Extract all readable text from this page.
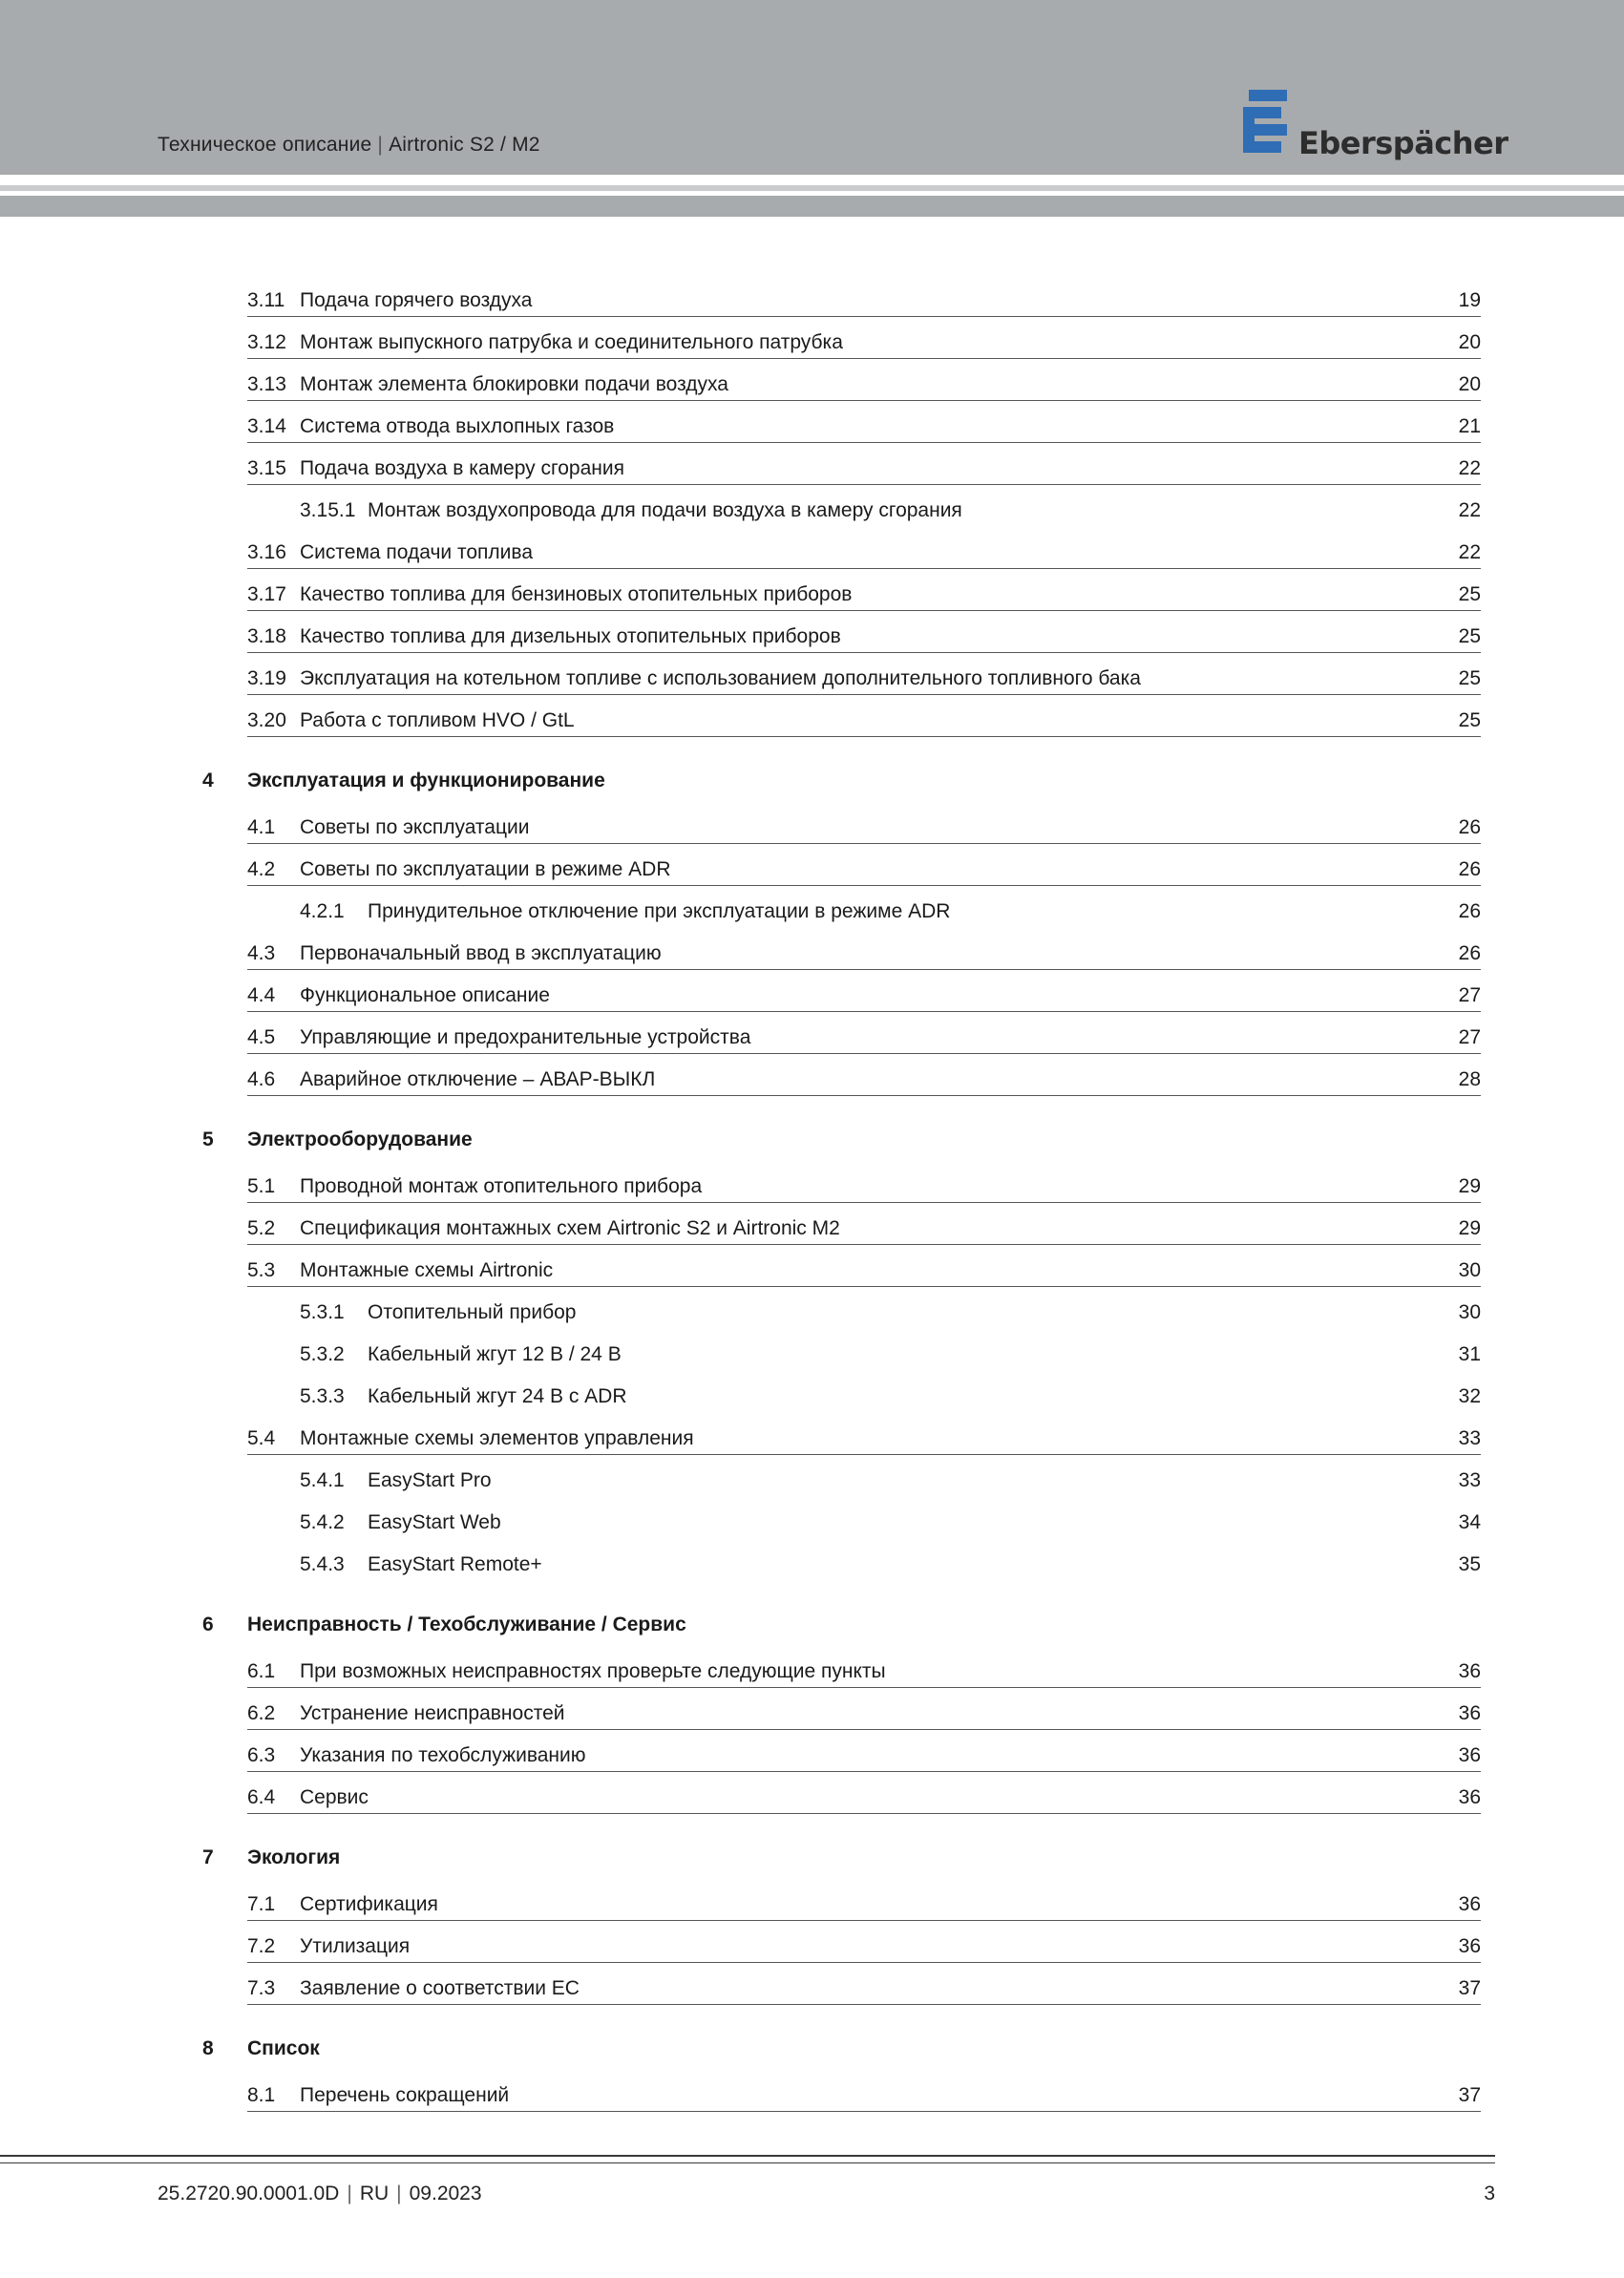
Техническое описание | Airtronic S2 / M2	Eberspächer
3.11 Подача горячего воздуха	19
3.12 Монтаж выпускного патрубка и соединительного патрубка	20
3.13 Монтаж элемента блокировки подачи воздуха	20
3.14 Система отвода выхлопных газов	21
3.15 Подача воздуха в камеру сгорания	22
3.15.1 Монтаж воздухопровода для подачи воздуха в камеру сгорания	22
3.16 Система подачи топлива	22
3.17 Качество топлива для бензиновых отопительных приборов	25
3.18 Качество топлива для дизельных отопительных приборов	25
3.19 Эксплуатация на котельном топливе с использованием дополнительного топливного бака	25
3.20 Работа с топливом HVO / GtL	25
4 Эксплуатация и функционирование
4.1 Советы по эксплуатации	26
4.2 Советы по эксплуатации в режиме ADR	26
4.2.1 Принудительное отключение при эксплуатации в режиме ADR	26
4.3 Первоначальный ввод в эксплуатацию	26
4.4 Функциональное описание	27
4.5 Управляющие и предохранительные устройства	27
4.6 Аварийное отключение – АВАР-ВЫКЛ	28
5 Электрооборудование
5.1 Проводной монтаж отопительного прибора	29
5.2 Спецификация монтажных схем Airtronic S2 и Airtronic M2	29
5.3 Монтажные схемы Airtronic	30
5.3.1 Отопительный прибор	30
5.3.2 Кабельный жгут 12 В / 24 В	31
5.3.3 Кабельный жгут 24 В с ADR	32
5.4 Монтажные схемы элементов управления	33
5.4.1 EasyStart Pro	33
5.4.2 EasyStart Web	34
5.4.3 EasyStart Remote+	35
6 Неисправность / Техобслуживание / Сервис
6.1 При возможных неисправностях проверьте следующие пункты	36
6.2 Устранение неисправностей	36
6.3 Указания по техобслуживанию	36
6.4 Сервис	36
7 Экология
7.1 Сертификация	36
7.2 Утилизация	36
7.3 Заявление о соответствии ЕС	37
8 Список
8.1 Перечень сокращений	37
25.2720.90.0001.0D | RU | 09.2023	3
